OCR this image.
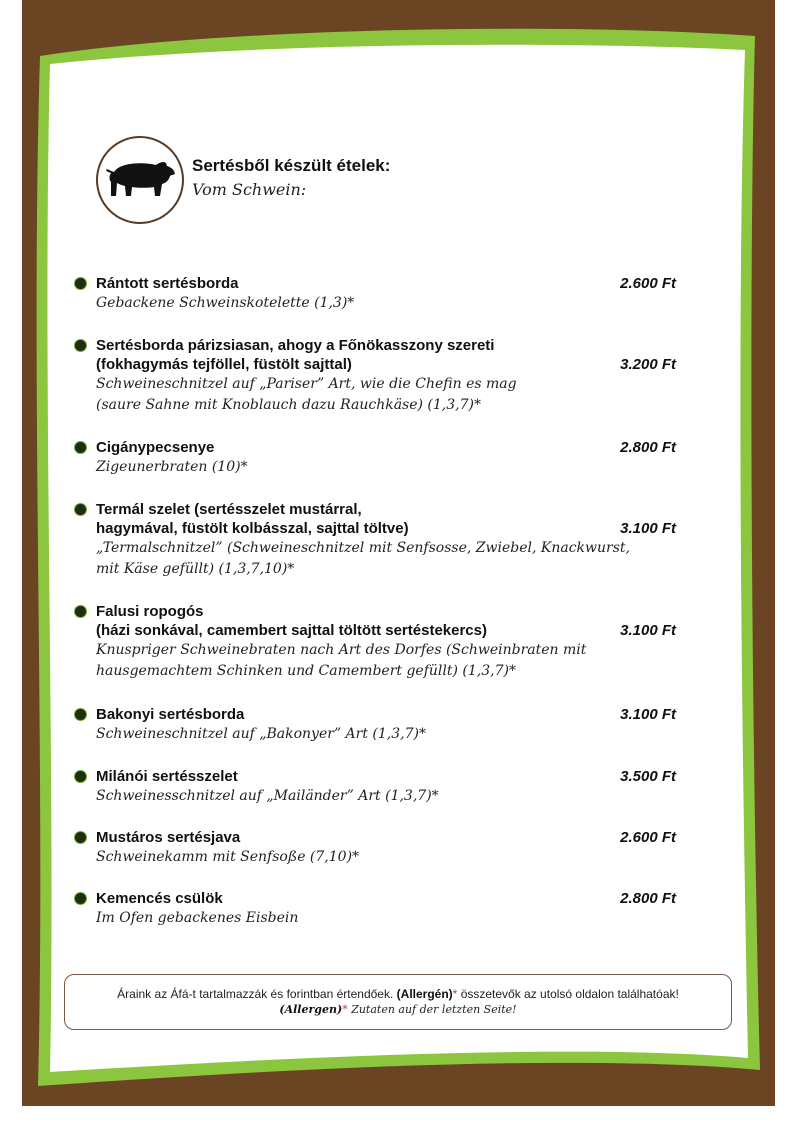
Sertésből készült ételek:
Vom Schwein:
Rántott sertésborda	2.600 Ft
Gebackene Schweinskotelette (1,3)*
Sertésborda párizsiasan, ahogy a Főnökasszony szereti
(fokhagymás tejföllel, füstölt sajttal)	3.200 Ft
Schweineschnitzel auf „Pariser” Art, wie die Chefin es mag
(saure Sahne mit Knoblauch dazu Rauchkäse) (1,3,7)*
Cigánypecsenye	2.800 Ft
Zigeunerbraten (10)*
Termál szelet (sertésszelet mustárral,
hagymával, füstölt kolbásszal, sajttal töltve)	3.100 Ft
„Termalschnitzel” (Schweineschnitzel mit Senfsosse, Zwiebel, Knackwurst,
mit Käse gefüllt) (1,3,7,10)*
Falusi ropogós
(házi sonkával, camembert sajttal töltött sertéstekercs)	3.100 Ft
Knuspriger Schweinebraten nach Art des Dorfes (Schweinbraten mit
hausgemachtem Schinken und Camembert gefüllt) (1,3,7)*
Bakonyi sertésborda	3.100 Ft
Schweineschnitzel auf „Bakonyer” Art (1,3,7)*
Milánói sertésszelet	3.500 Ft
Schweinesschnitzel auf „Mailänder” Art (1,3,7)*
Mustáros sertésjava	2.600 Ft
Schweinekamm mit Senfsoße (7,10)*
Kemencés csülök	2.800 Ft
Im Ofen gebackenes Eisbein
Áraink az Áfá-t tartalmazzák és forintban értendőek. (Allergén)* összetevők az utolsó oldalon találhatóak!
(Allergen)* Zutaten auf der letzten Seite!
